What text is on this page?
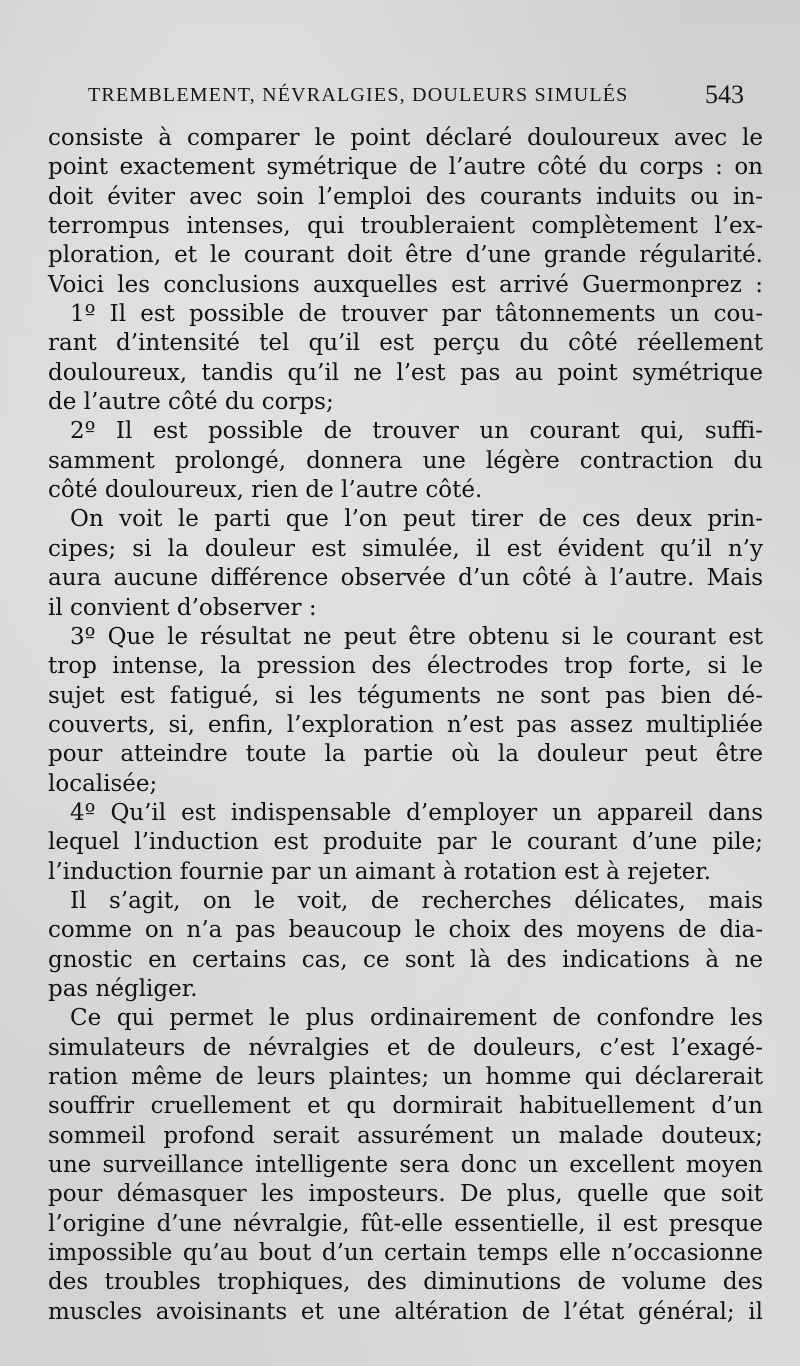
TREMBLEMENT, NÉVRALGIES, DOULEURS SIMULÉS	543
consiste à comparer le point déclaré douloureux avec le
point exactement symétrique de l’autre côté du corps : on
doit éviter avec soin l’emploi des courants induits ou in-
terrompus intenses, qui troubleraient complètement l’ex-
ploration, et le courant doit être d’une grande régularité.
Voici les conclusions auxquelles est arrivé Guermonprez :
1º Il est possible de trouver par tâtonnements un cou-
rant d’intensité tel qu’il est perçu du côté réellement
douloureux, tandis qu’il ne l’est pas au point symétrique
de l’autre côté du corps;
2º Il est possible de trouver un courant qui, suffi-
samment prolongé, donnera une légère contraction du
côté douloureux, rien de l’autre côté.
On voit le parti que l’on peut tirer de ces deux prin-
cipes; si la douleur est simulée, il est évident qu’il n’y
aura aucune différence observée d’un côté à l’autre. Mais
il convient d’observer :
3º Que le résultat ne peut être obtenu si le courant est
trop intense, la pression des électrodes trop forte, si le
sujet est fatigué, si les téguments ne sont pas bien dé-
couverts, si, enfin, l’exploration n’est pas assez multipliée
pour atteindre toute la partie où la douleur peut être
localisée;
4º Qu’il est indispensable d’employer un appareil dans
lequel l’induction est produite par le courant d’une pile;
l’induction fournie par un aimant à rotation est à rejeter.
Il s’agit, on le voit, de recherches délicates, mais
comme on n’a pas beaucoup le choix des moyens de dia-
gnostic en certains cas, ce sont là des indications à ne
pas négliger.
Ce qui permet le plus ordinairement de confondre les
simulateurs de névralgies et de douleurs, c’est l’exagé-
ration même de leurs plaintes; un homme qui déclarerait
souffrir cruellement et qu dormirait habituellement d’un
sommeil profond serait assurément un malade douteux;
une surveillance intelligente sera donc un excellent moyen
pour démasquer les imposteurs. De plus, quelle que soit
l’origine d’une névralgie, fût-elle essentielle, il est presque
impossible qu’au bout d’un certain temps elle n’occasionne
des troubles trophiques, des diminutions de volume des
muscles avoisinants et une altération de l’état général; il
